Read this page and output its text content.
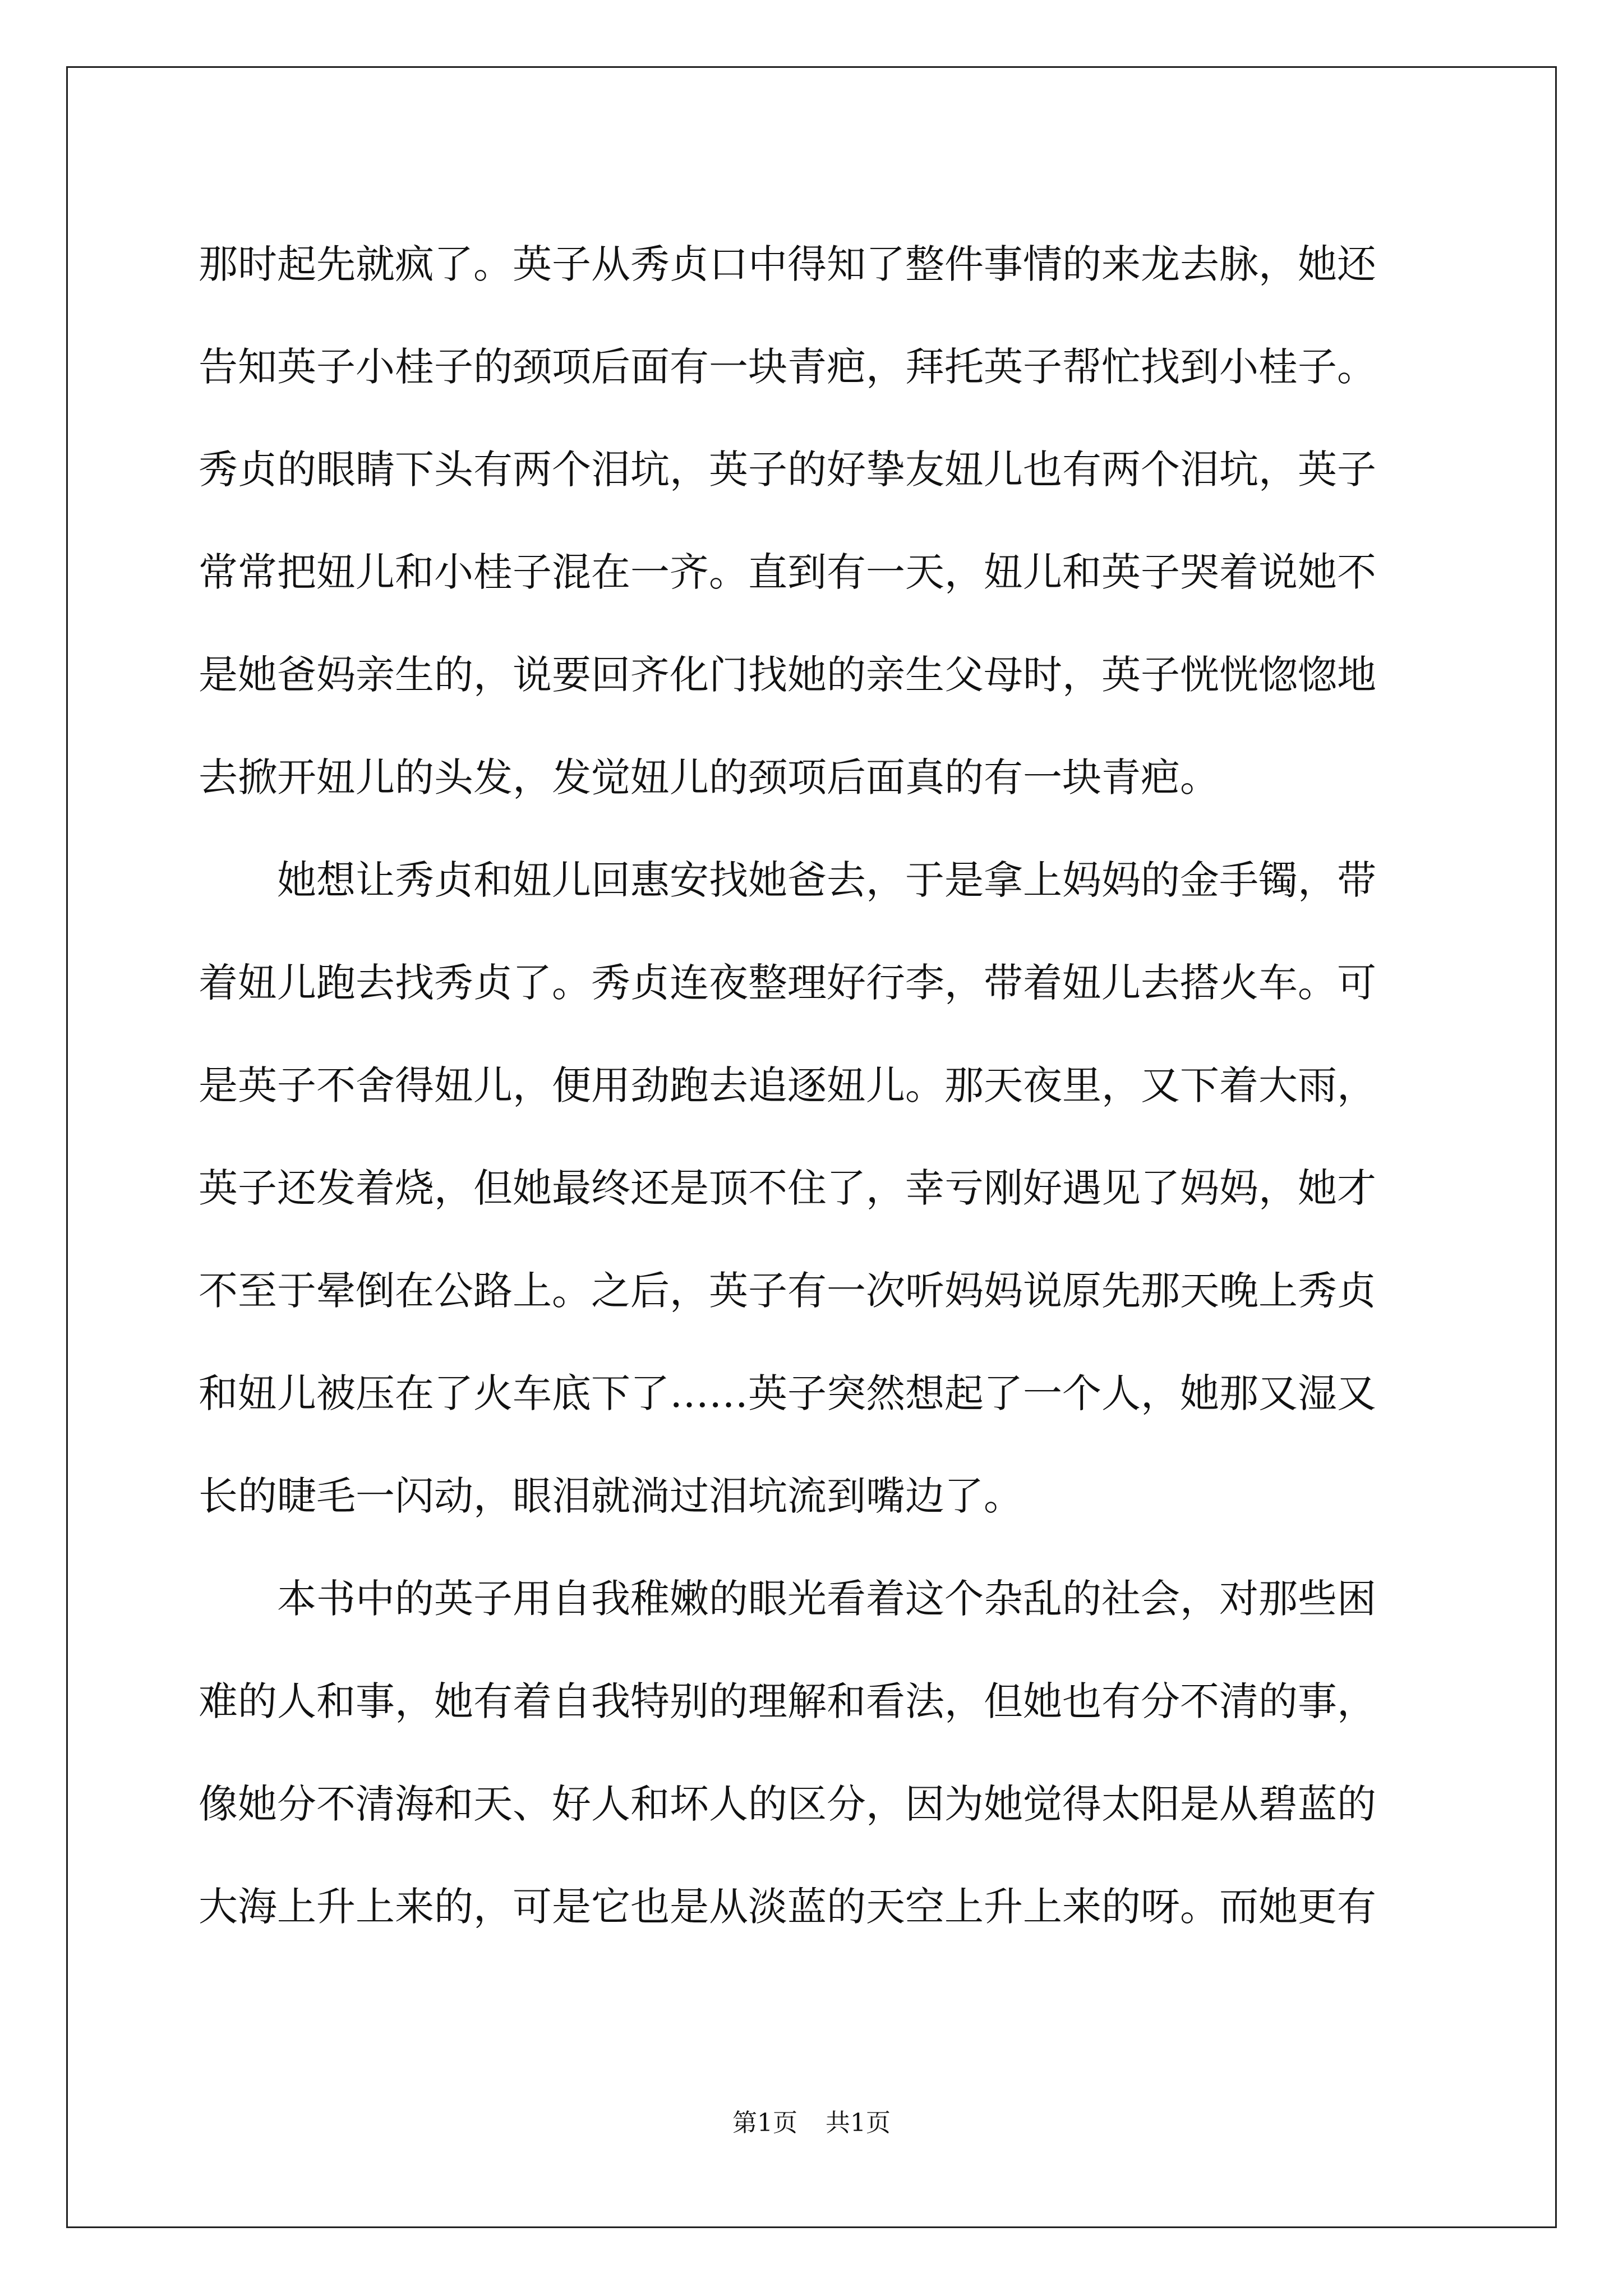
那时起先就疯了。英子从秀贞口中得知了整件事情的来龙去脉，她还
告知英子小桂子的颈项后面有一块青疤，拜托英子帮忙找到小桂子。
秀贞的眼睛下头有两个泪坑，英子的好挚友妞儿也有两个泪坑，英子
常常把妞儿和小桂子混在一齐。直到有一天，妞儿和英子哭着说她不
是她爸妈亲生的，说要回齐化门找她的亲生父母时，英子恍恍惚惚地
去掀开妞儿的头发，发觉妞儿的颈项后面真的有一块青疤。
她想让秀贞和妞儿回惠安找她爸去，于是拿上妈妈的金手镯，带
着妞儿跑去找秀贞了。秀贞连夜整理好行李，带着妞儿去搭火车。可
是英子不舍得妞儿，便用劲跑去追逐妞儿。那天夜里，又下着大雨，
英子还发着烧，但她最终还是顶不住了，幸亏刚好遇见了妈妈，她才
不至于晕倒在公路上。之后，英子有一次听妈妈说原先那天晚上秀贞
和妞儿被压在了火车底下了……英子突然想起了一个人，她那又湿又
长的睫毛一闪动，眼泪就淌过泪坑流到嘴边了。
本书中的英子用自我稚嫩的眼光看着这个杂乱的社会，对那些困
难的人和事，她有着自我特别的理解和看法，但她也有分不清的事，
像她分不清海和天、好人和坏人的区分，因为她觉得太阳是从碧蓝的
大海上升上来的，可是它也是从淡蓝的天空上升上来的呀。而她更有
第1页 共1页
